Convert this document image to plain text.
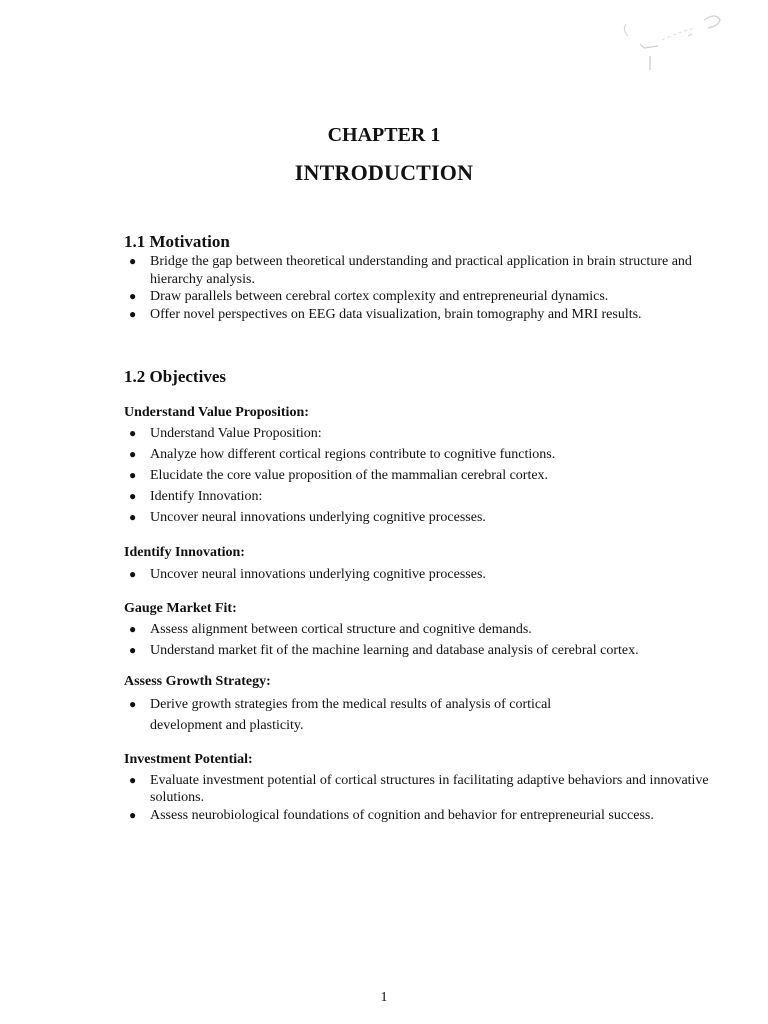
CHAPTER 1
INTRODUCTION
1.1 Motivation
● Bridge the gap between theoretical understanding and practical application in brain structure and hierarchy analysis.
● Draw parallels between cerebral cortex complexity and entrepreneurial dynamics.
● Offer novel perspectives on EEG data visualization, brain tomography and MRI results.
1.2 Objectives
Understand Value Proposition:
● Understand Value Proposition:
● Analyze how different cortical regions contribute to cognitive functions.
● Elucidate the core value proposition of the mammalian cerebral cortex.
● Identify Innovation:
● Uncover neural innovations underlying cognitive processes.
Identify Innovation:
● Uncover neural innovations underlying cognitive processes.
Gauge Market Fit:
● Assess alignment between cortical structure and cognitive demands.
● Understand market fit of the machine learning and database analysis of cerebral cortex.
Assess Growth Strategy:
● Derive growth strategies from the medical results of analysis of cortical development and plasticity.
Investment Potential:
● Evaluate investment potential of cortical structures in facilitating adaptive behaviors and innovative solutions.
● Assess neurobiological foundations of cognition and behavior for entrepreneurial success.
1
